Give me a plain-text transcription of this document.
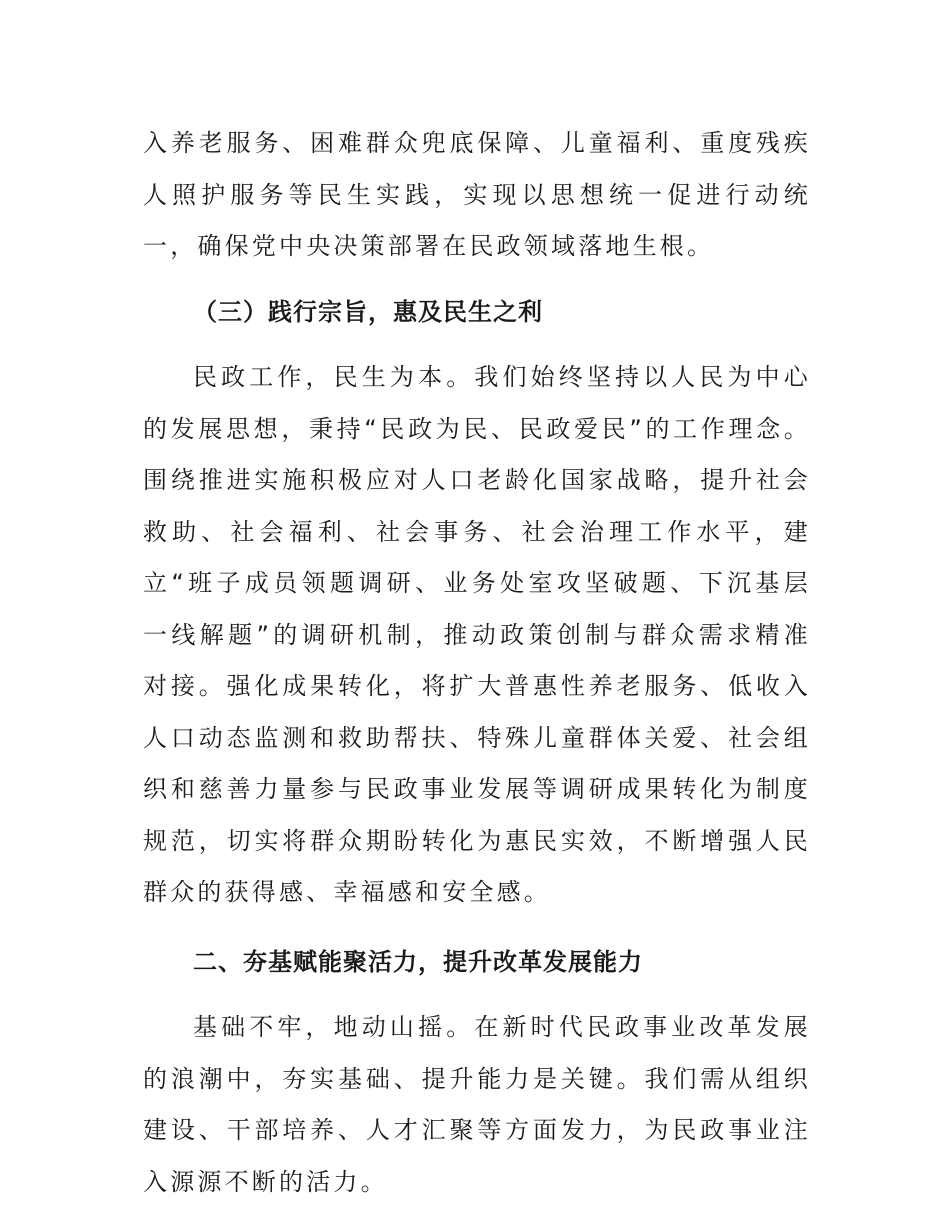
入养老服务、困难群众兜底保障、儿童福利、重度残疾人照护服务等民生实践，实现以思想统一促进行动统一，确保党中央决策部署在民政领域落地生根。

（三）践行宗旨，惠及民生之利

民政工作，民生为本。我们始终坚持以人民为中心的发展思想，秉持“民政为民、民政爱民”的工作理念。围绕推进实施积极应对人口老龄化国家战略，提升社会救助、社会福利、社会事务、社会治理工作水平，建立“班子成员领题调研、业务处室攻坚破题、下沉基层一线解题”的调研机制，推动政策创制与群众需求精准对接。强化成果转化，将扩大普惠性养老服务、低收入人口动态监测和救助帮扶、特殊儿童群体关爱、社会组织和慈善力量参与民政事业发展等调研成果转化为制度规范，切实将群众期盼转化为惠民实效，不断增强人民群众的获得感、幸福感和安全感。

二、夯基赋能聚活力，提升改革发展能力

基础不牢，地动山摇。在新时代民政事业改革发展的浪潮中，夯实基础、提升能力是关键。我们需从组织建设、干部培养、人才汇聚等方面发力，为民政事业注入源源不断的活力。
